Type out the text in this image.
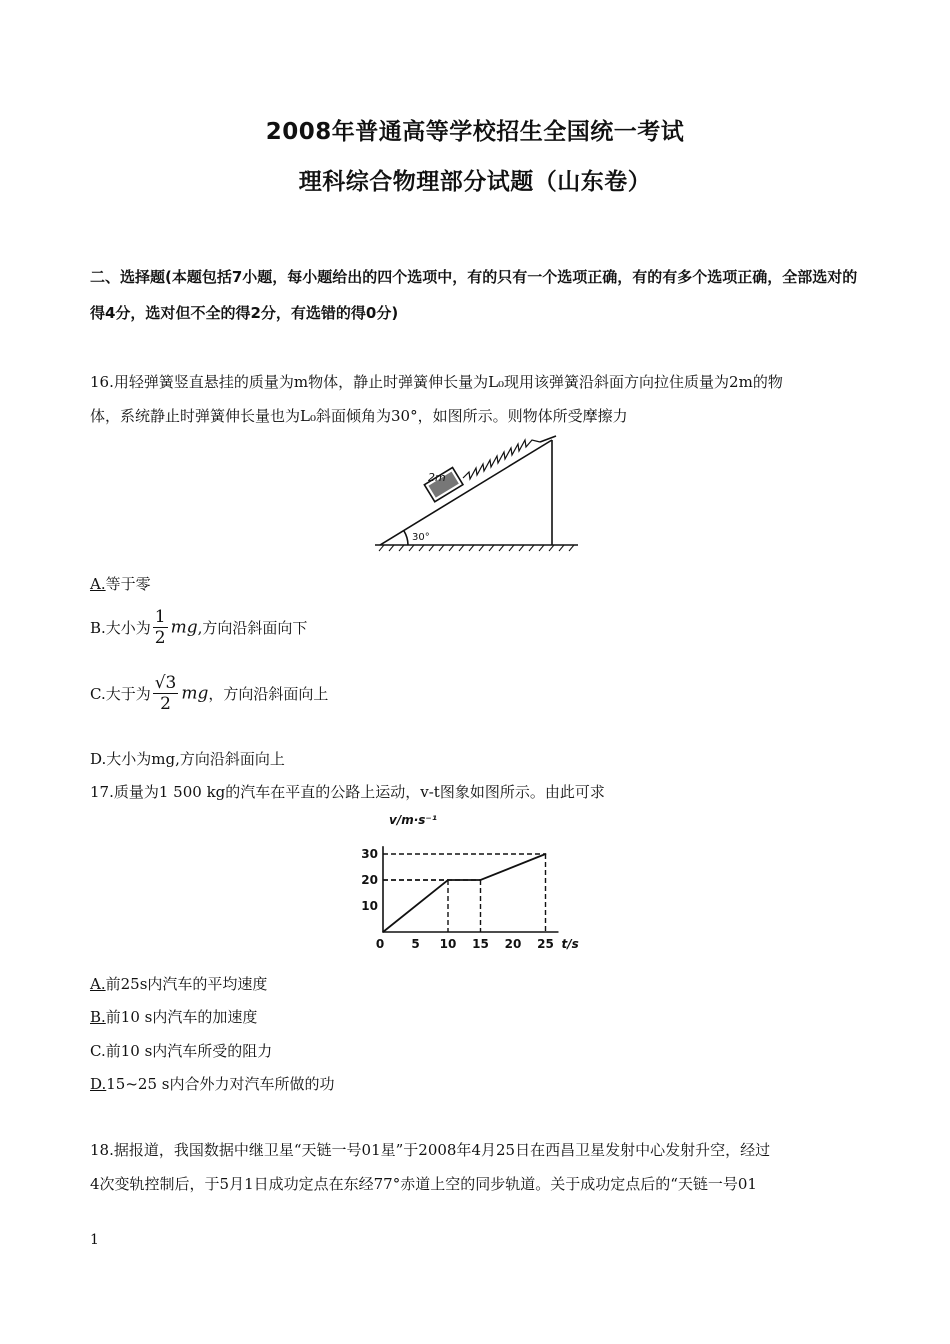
2008年普通高等学校招生全国统一考试
理科综合物理部分试题（山东卷）
二、选择题(本题包括7小题，每小题给出的四个选项中，有的只有一个选项正确，有的有多个选项正确，全部选对的得4分，选对但不全的得2分，有选错的得0分)
16.用轻弹簧竖直悬挂的质量为m物体，静止时弹簧伸长量为L₀现用该弹簧沿斜面方向拉住质量为2m的物
体，系统静止时弹簧伸长量也为L₀斜面倾角为30°，如图所示。则物体所受摩擦力
2m
30°
A.等于零
B.大小为 $\frac{1}{2}$ mg,方向沿斜面向下
C.大于为 $\frac{√3}{2}$ mg，方向沿斜面向上
D.大小为mg,方向沿斜面向上
17.质量为1 500 kg的汽车在平直的公路上运动，v-t图象如图所示。由此可求
0 5 10 15 20 25
10
20
30
t/s
v/m·s⁻¹
A.前25s内汽车的平均速度
B.前10 s内汽车的加速度
C.前10 s内汽车所受的阻力
D.15~25 s内合外力对汽车所做的功
18.据报道，我国数据中继卫星“天链一号01星”于2008年4月25日在西昌卫星发射中心发射升空，经过
4次变轨控制后，于5月1日成功定点在东经77°赤道上空的同步轨道。关于成功定点后的“天链一号01
1
